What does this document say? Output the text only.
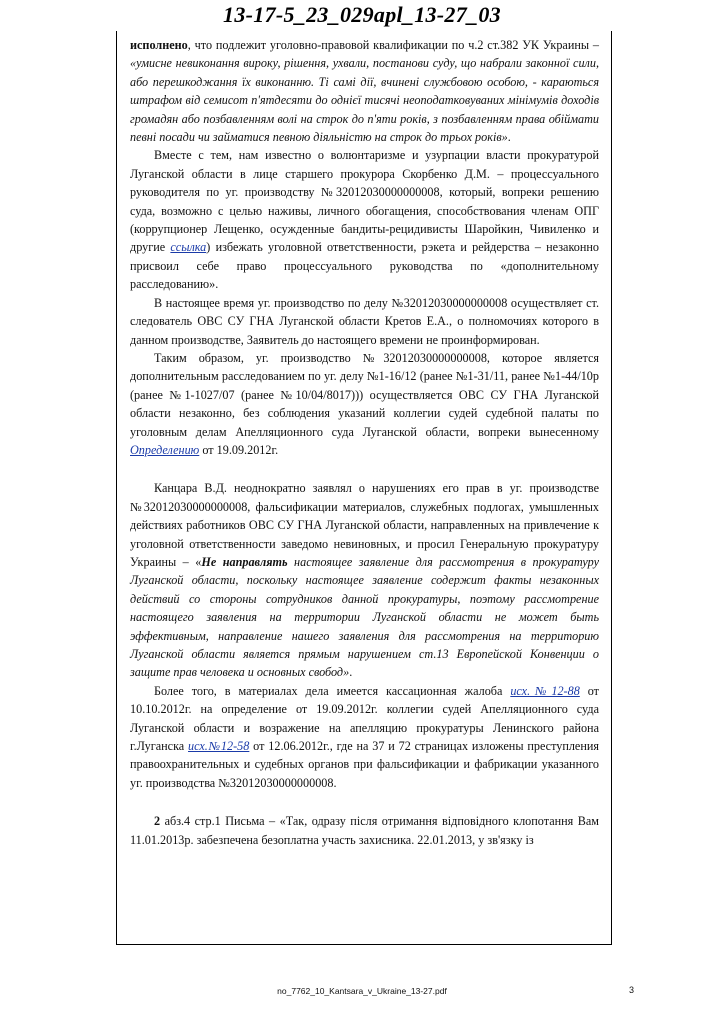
13-17-5_23_029apl_13-27_03

исполнено, что подлежит уголовно-правовой квалификации по ч.2 ст.382 УК Украины – «умисне невиконання вироку, рішення, ухвали, постанови суду, що набрали законної сили, або перешкоджання їх виконанню. Ті самі дії, вчинені службовою особою, - караються штрафом від семисот п'ятдесяти до однієї тисячі неоподатковуваних мінімумів доходів громадян або позбавленням волі на строк до п'яти років, з позбавленням права обіймати певні посади чи займатися певною діяльністю на строк до трьох років».

Вместе с тем, нам известно о волюнтаризме и узурпации власти прокуратурой Луганской области в лице старшего прокурора Скорбенко Д.М. – процессуального руководителя по уг. производству №32012030000000008, который, вопреки решению суда, возможно с целью наживы, личного обогащения, способствования членам ОПГ (коррупционер Лещенко, осужденные бандиты-рецидивисты Шаройкин, Чивиленко и другие ссылка) избежать уголовной ответственности, рэкета и рейдерства – незаконно присвоил себе право процессуального руководства по «дополнительному расследованию».

В настоящее время уг. производство по делу №32012030000000008 осуществляет ст. следователь ОВС СУ ГНА Луганской области Кретов Е.А., о полномочиях которого в данном производстве, Заявитель до настоящего времени не проинформирован.

Таким образом, уг. производство №32012030000000008, которое является дополнительным расследованием по уг. делу №1-16/12 (ранее №1-31/11, ранее №1-44/10р (ранее №1-1027/07 (ранее №10/04/8017))) осуществляется ОВС СУ ГНА Луганской области незаконно, без соблюдения указаний коллегии судей судебной палаты по уголовным делам Апелляционного суда Луганской области, вопреки вынесенному Определению от 19.09.2012г.

Канцара В.Д. неоднократно заявлял о нарушениях его прав в уг. производстве №32012030000000008, фальсификации материалов, служебных подлогах, умышленных действиях работников ОВС СУ ГНА Луганской области, направленных на привлечение к уголовной ответственности заведомо невиновных, и просил Генеральную прокуратуру Украины – «Не направлять настоящее заявление для рассмотрения в прокуратуру Луганской области, поскольку настоящее заявление содержит факты незаконных действий со стороны сотрудников данной прокуратуры, поэтому рассмотрение настоящего заявления на территории Луганской области не может быть эффективным, направление нашего заявления для рассмотрения на территорию Луганской области является прямым нарушением ст.13 Европейской Конвенции о защите прав человека и основных свобод».

Более того, в материалах дела имеется кассационная жалоба исх.№12-88 от 10.10.2012г. на определение от 19.09.2012г. коллегии судей Апелляционного суда Луганской области и возражение на апелляцию прокуратуры Ленинского района г.Луганска исх.№12-58 от 12.06.2012г., где на 37 и 72 страницах изложены преступления правоохранительных и судебных органов при фальсификации и фабрикации указанного уг. производства №32012030000000008.

2 абз.4 стр.1 Письма – «Так, одразу після отримання відповідного клопотання Вам 11.01.2013р. забезпечена безоплатна участь захисника. 22.01.2013, у зв'язку із

no_7762_10_Kantsara_v_Ukraine_13-27.pdf	3
